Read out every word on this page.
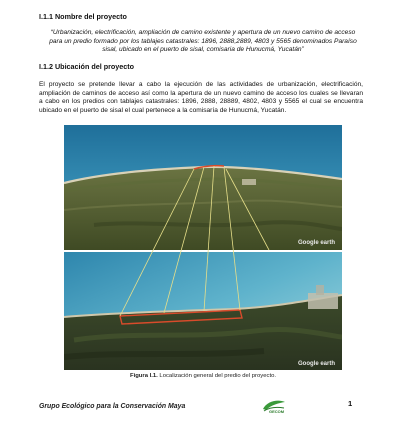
I.1.1 Nombre del proyecto
“Urbanización, electrificación, ampliación de camino existente y apertura de un nuevo camino de acceso para un predio formado por los tablajes catastrales: 1896, 2888,2889, 4803 y 5565 denominados Paraíso sisal, ubicado en el puerto de sisal, comisaria de Hunucmá, Yucatán”
I.1.2 Ubicación del proyecto
El proyecto se pretende llevar a cabo la ejecución de las actividades de urbanización, electrificación, ampliación de caminos de acceso así como la apertura de un nuevo camino de acceso los cuales se llevaran a cabo en los predios con tablajes catastrales: 1896, 2888, 28889, 4802, 4803 y 5565 el cual se encuentra ubicado en el puerto de sisal el cual pertenece a la comisaría de Hunucmá, Yucatán.
Google earth
Google earth
Figura I.1. Localización general del predio del proyecto.
Grupo Ecológico para la Conservación Maya
GECOM
1
